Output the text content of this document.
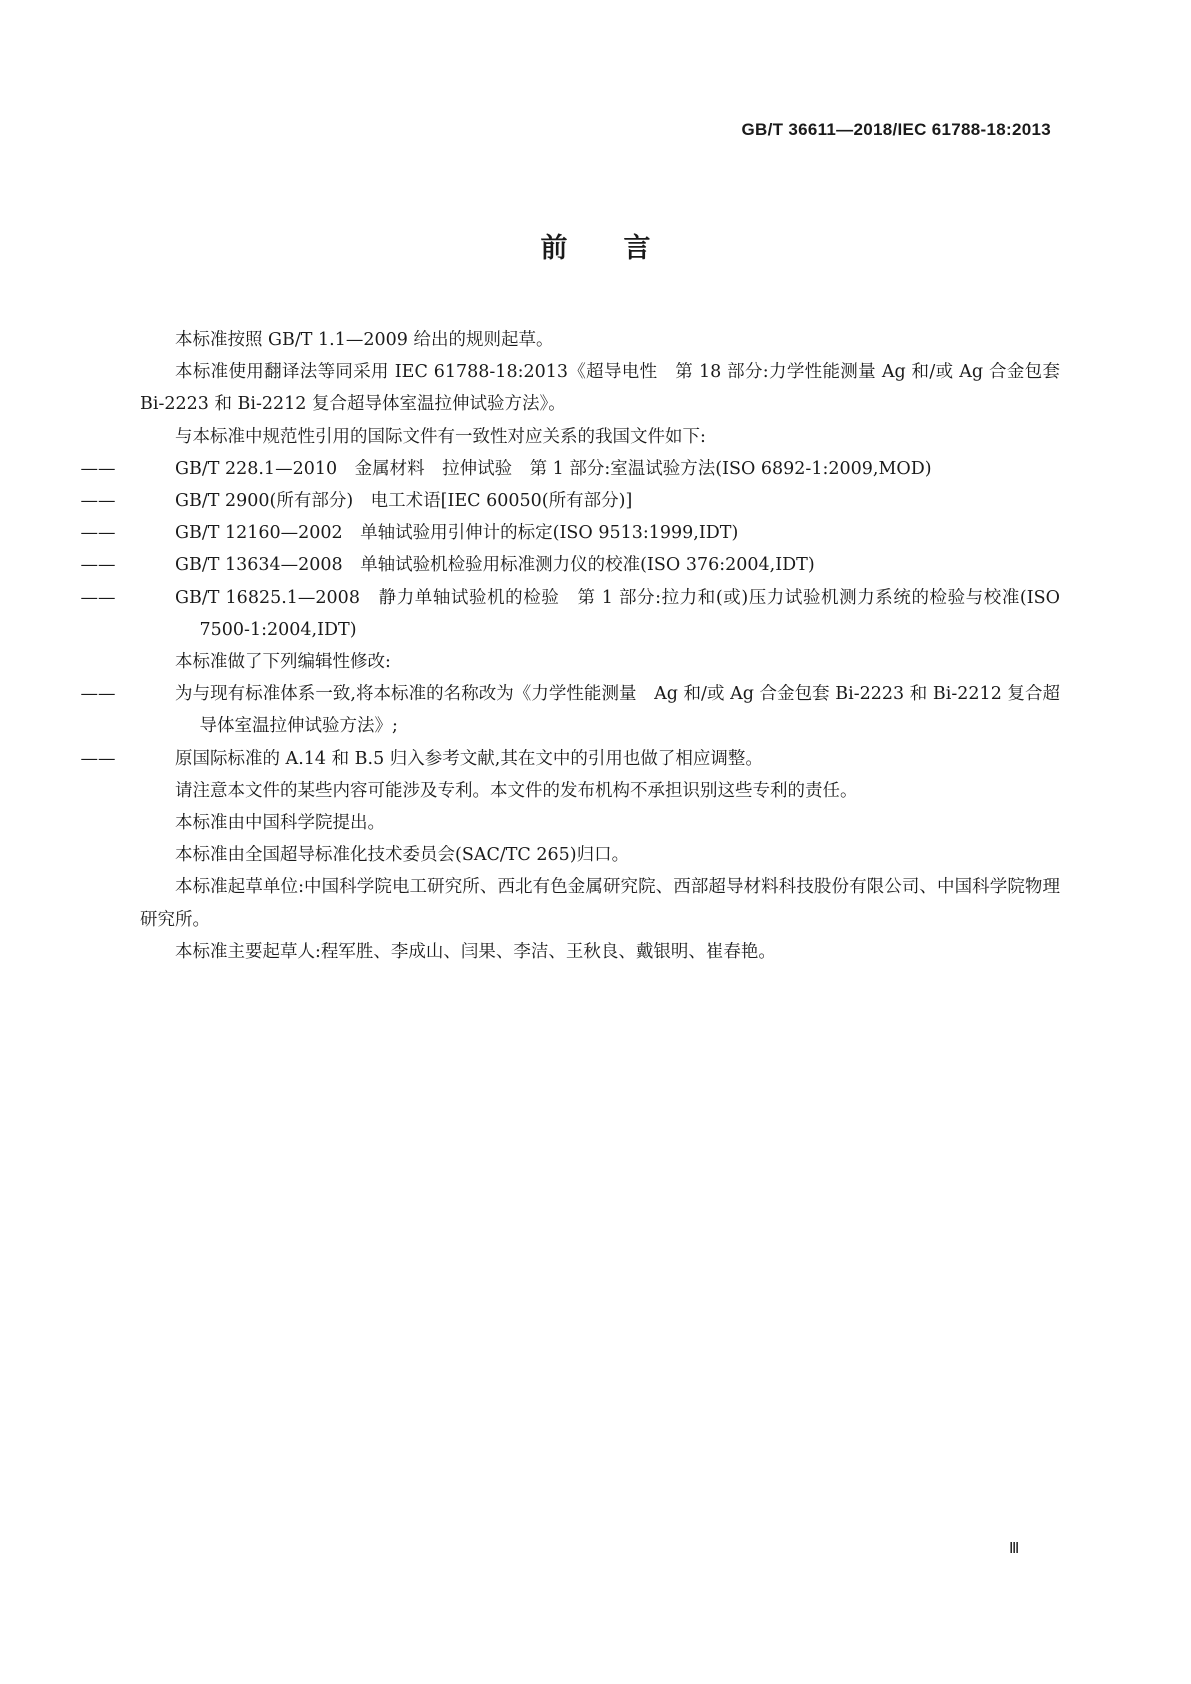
GB/T 36611—2018/IEC 61788-18:2013
前言

本标准按照 GB/T 1.1—2009 给出的规则起草。

本标准使用翻译法等同采用 IEC 61788-18:2013《超导电性　第 18 部分:力学性能测量 Ag 和/或 Ag 合金包套 Bi-2223 和 Bi-2212 复合超导体室温拉伸试验方法》。

与本标准中规范性引用的国际文件有一致性对应关系的我国文件如下:

——	GB/T 228.1—2010　金属材料　拉伸试验　第 1 部分:室温试验方法(ISO 6892-1:2009,MOD)

——	GB/T 2900(所有部分)　电工术语[IEC 60050(所有部分)]

——	GB/T 12160—2002　单轴试验用引伸计的标定(ISO 9513:1999,IDT)

——	GB/T 13634—2008　单轴试验机检验用标准测力仪的校准(ISO 376:2004,IDT)

——	GB/T 16825.1—2008　静力单轴试验机的检验　第 1 部分:拉力和(或)压力试验机测力系统的检验与校准(ISO 7500-1:2004,IDT)

本标准做了下列编辑性修改:

——	为与现有标准体系一致,将本标准的名称改为《力学性能测量　Ag 和/或 Ag 合金包套 Bi-2223 和 Bi-2212 复合超导体室温拉伸试验方法》;

——	原国际标准的 A.14 和 B.5 归入参考文献,其在文中的引用也做了相应调整。

请注意本文件的某些内容可能涉及专利。本文件的发布机构不承担识别这些专利的责任。

本标准由中国科学院提出。

本标准由全国超导标准化技术委员会(SAC/TC 265)归口。

本标准起草单位:中国科学院电工研究所、西北有色金属研究院、西部超导材料科技股份有限公司、中国科学院物理研究所。

本标准主要起草人:程军胜、李成山、闫果、李洁、王秋良、戴银明、崔春艳。

Ⅲ
